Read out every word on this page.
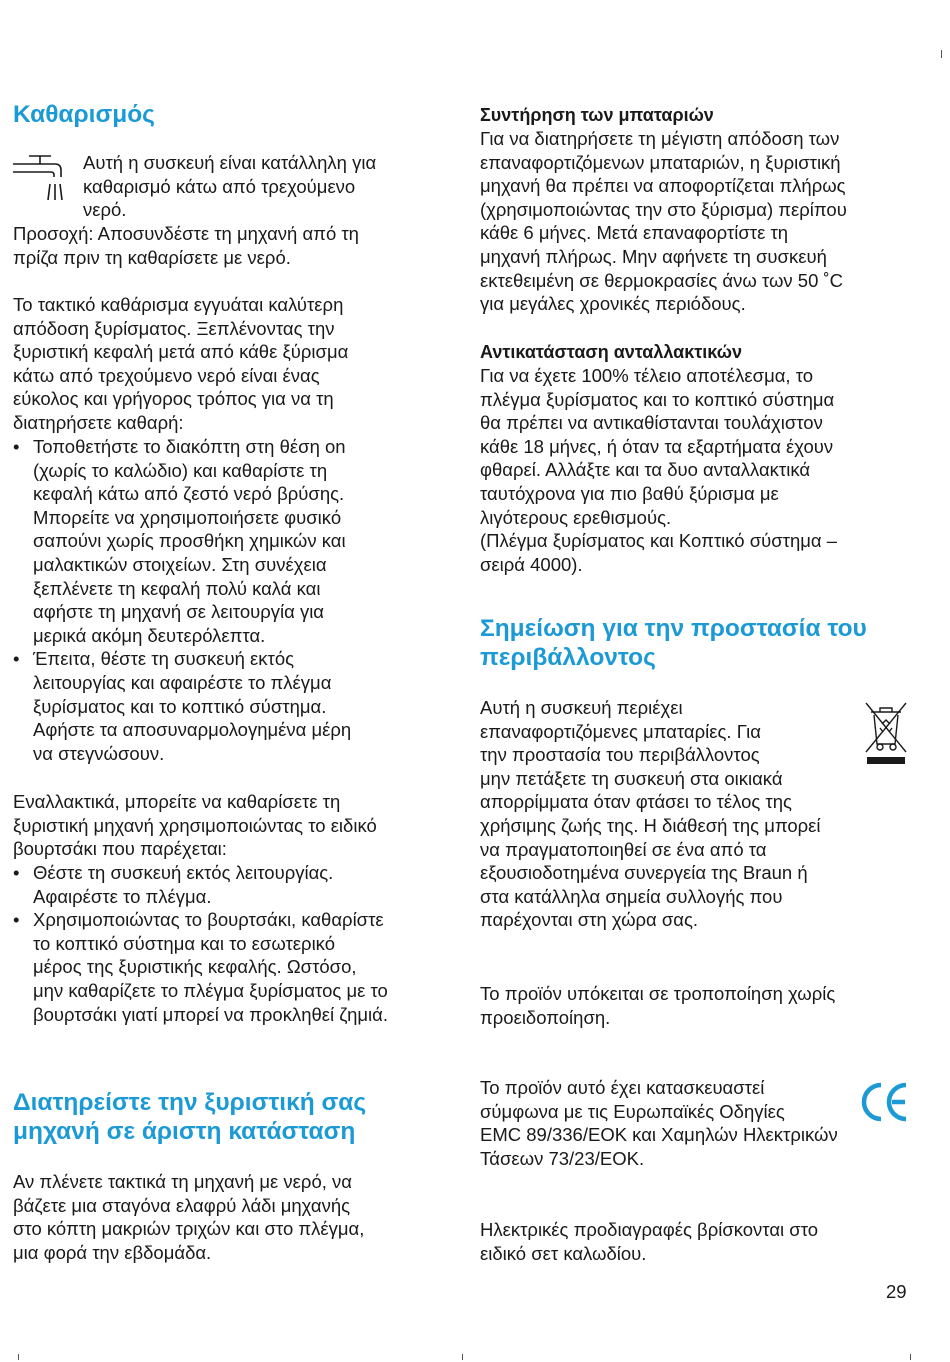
Καθαρισμός

Αυτή η συσκευή είναι κατάλληλη για
καθαρισμό κάτω από τρεχούμενο
νερό.

Προσοχή: Αποσυνδέστε τη μηχανή από τη
πρίζα πριν τη καθαρίσετε με νερό.

Το τακτικό καθάρισμα εγγυάται καλύτερη
απόδοση ξυρίσματος. Ξεπλένοντας την
ξυριστική κεφαλή μετά από κάθε ξύρισμα
κάτω από τρεχούμενο νερό είναι ένας
εύκολος και γρήγορος τρόπος για να τη
διατηρήσετε καθαρή:

• Τοποθετήστε το διακόπτη στη θέση on
(χωρίς το καλώδιο) και καθαρίστε τη
κεφαλή κάτω από ζεστό νερό βρύσης.
Μπορείτε να χρησιμοποιήσετε φυσικό
σαπούνι χωρίς προσθήκη χημικών και
μαλακτικών στοιχείων. Στη συνέχεια
ξεπλένετε τη κεφαλή πολύ καλά και
αφήστε τη μηχανή σε λειτουργία για
μερικά ακόμη δευτερόλεπτα.
• Έπειτα, θέστε τη συσκευή εκτός
λειτουργίας και αφαιρέστε το πλέγμα
ξυρίσματος και το κοπτικό σύστημα.
Αφήστε τα αποσυναρμολογημένα μέρη
να στεγνώσουν.

Εναλλακτικά, μπορείτε να καθαρίσετε τη
ξυριστική μηχανή χρησιμοποιώντας το ειδικό
βουρτσάκι που παρέχεται:

• Θέστε τη συσκευή εκτός λειτουργίας.
Αφαιρέστε το πλέγμα.
• Χρησιμοποιώντας το βουρτσάκι, καθαρίστε
το κοπτικό σύστημα και το εσωτερικό
μέρος της ξυριστικής κεφαλής. Ωστόσο,
μην καθαρίζετε το πλέγμα ξυρίσματος με το
βουρτσάκι γιατί μπορεί να προκληθεί ζημιά.
Διατηρείστε την ξυριστική σας
μηχανή σε άριστη κατάσταση

Αν πλένετε τακτικά τη μηχανή με νερό, να
βάζετε μια σταγόνα ελαφρύ λάδι μηχανής
στο κόπτη μακριών τριχών και στο πλέγμα,
μια φορά την εβδομάδα.

Συντήρηση των μπαταριών

Για να διατηρήσετε τη μέγιστη απόδοση των
επαναφορτιζόμενων μπαταριών, η ξυριστική
μηχανή θα πρέπει να αποφορτίζεται πλήρως
(χρησιμοποιώντας την στο ξύρισμα) περίπου
κάθε 6 μήνες. Μετά επαναφορτίστε τη
μηχανή πλήρως. Μην αφήνετε τη συσκευή
εκτεθειμένη σε θερμοκρασίες άνω των 50 ˚C
για μεγάλες χρονικές περιόδους.

Αντικατάσταση ανταλλακτικών

Για να έχετε 100% τέλειο αποτέλεσμα, το
πλέγμα ξυρίσματος και το κοπτικό σύστημα
θα πρέπει να αντικαθίστανται τουλάχιστον
κάθε 18 μήνες, ή όταν τα εξαρτήματα έχουν
φθαρεί. Αλλάξτε και τα δυο ανταλλακτικά
ταυτόχρονα για πιο βαθύ ξύρισμα με
λιγότερους ερεθισμούς.
(Πλέγμα ξυρίσματος και Κοπτικό σύστημα –
σειρά 4000).

Σημείωση για την προστασία του
περιβάλλοντος

Αυτή η συσκευή περιέχει
επαναφορτιζόμενες μπαταρίες. Για
την προστασία του περιβάλλοντος
μην πετάξετε τη συσκευή στα οικιακά
απορρίμματα όταν φτάσει το τέλος της
χρήσιμης ζωής της. Η διάθεσή της μπορεί
να πραγματοποιηθεί σε ένα από τα
εξουσιοδοτημένα συνεργεία της Braun ή
στα κατάλληλα σημεία συλλογής που
παρέχονται στη χώρα σας.

Το προϊόν υπόκειται σε τροποποίηση χωρίς
προειδοποίηση.

Το προϊόν αυτό έχει κατασκευαστεί
σύμφωνα με τις Ευρωπαϊκές Οδηγίες
EMC 89/336/ΕΟΚ και Χαμηλών Ηλεκτρικών
Τάσεων 73/23/ΕΟΚ.

Ηλεκτρικές προδιαγραφές βρίσκονται στο
ειδικό σετ καλωδίου.

29
